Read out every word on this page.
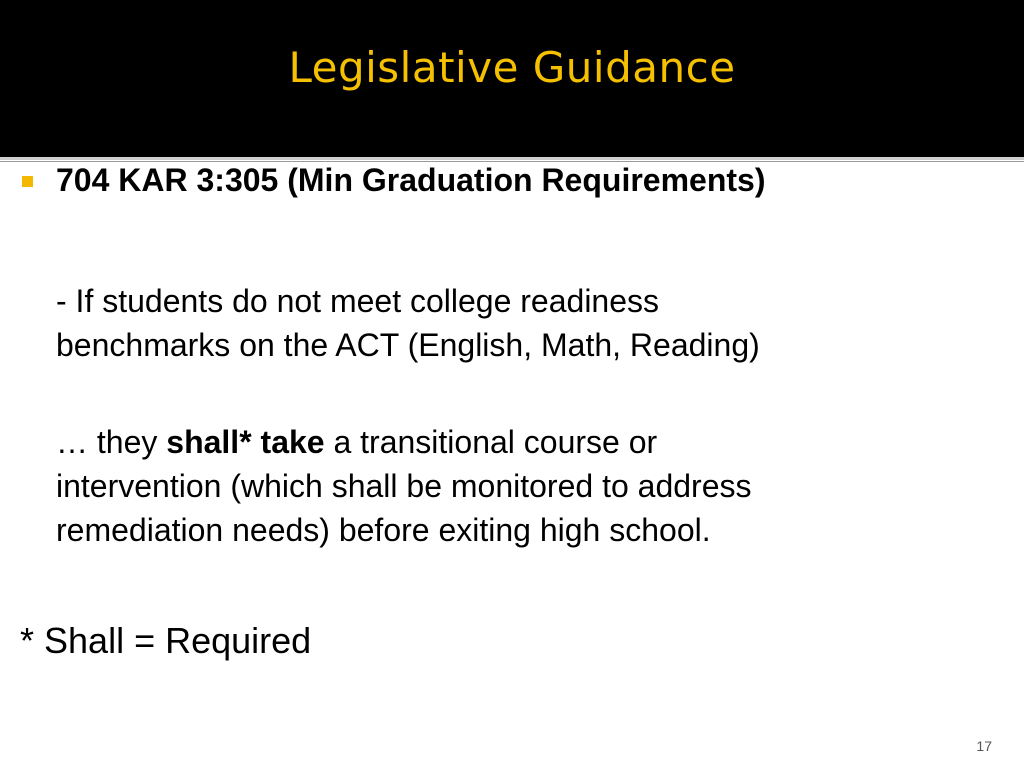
Legislative Guidance
704 KAR 3:305 (Min Graduation Requirements)
- If students do not meet college readiness
benchmarks on the ACT (English, Math, Reading)
… they shall* take a transitional course or
intervention (which shall be monitored to address
remediation needs) before exiting high school.
* Shall = Required
17
